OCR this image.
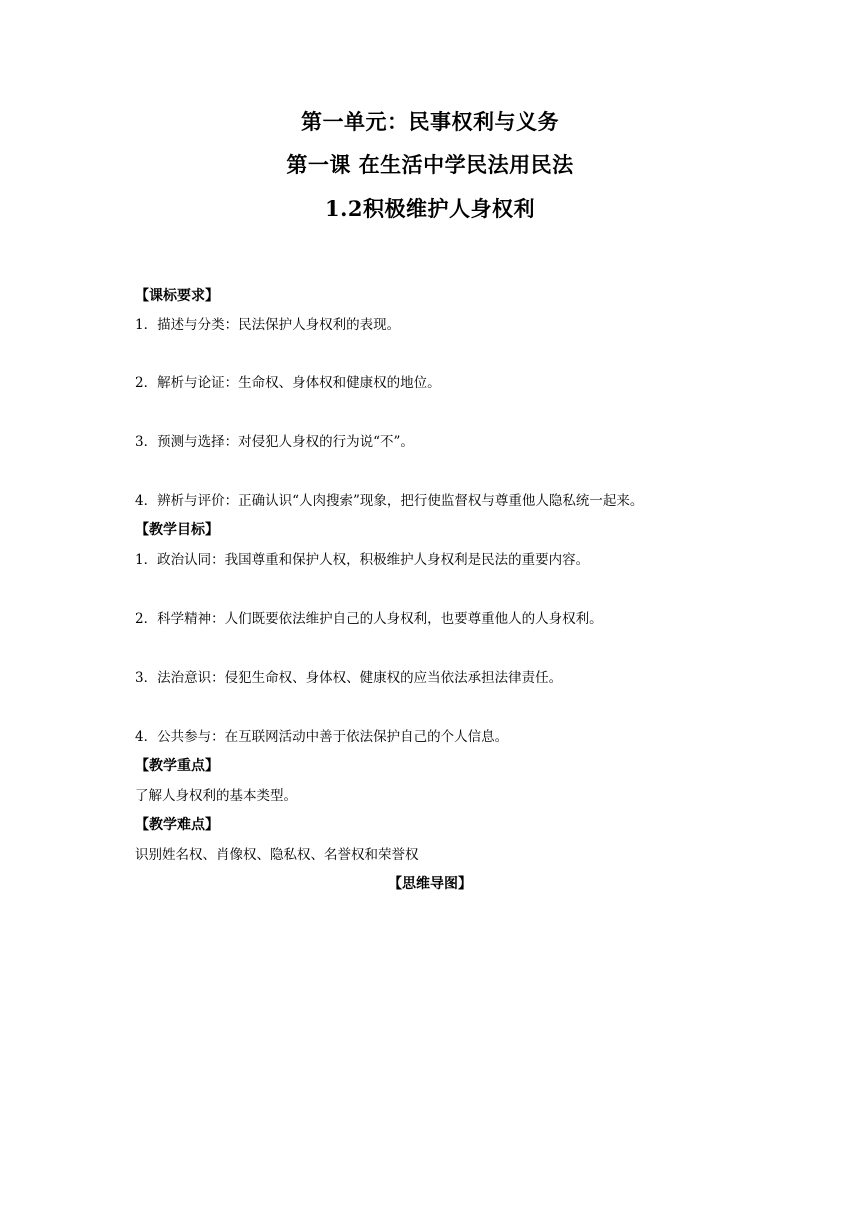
第一单元：民事权利与义务
第一课 在生活中学民法用民法
1.2积极维护人身权利
【课标要求】
1．描述与分类：民法保护人身权利的表现。
2．解析与论证：生命权、身体权和健康权的地位。
3．预测与选择：对侵犯人身权的行为说“不”。
4．辨析与评价：正确认识“人肉搜索”现象，把行使监督权与尊重他人隐私统一起来。
【教学目标】
1．政治认同：我国尊重和保护人权，积极维护人身权利是民法的重要内容。
2．科学精神：人们既要依法维护自己的人身权利，也要尊重他人的人身权利。
3．法治意识：侵犯生命权、身体权、健康权的应当依法承担法律责任。
4．公共参与：在互联网活动中善于依法保护自己的个人信息。
【教学重点】
了解人身权利的基本类型。
【教学难点】
识别姓名权、肖像权、隐私权、名誉权和荣誉权
【思维导图】
